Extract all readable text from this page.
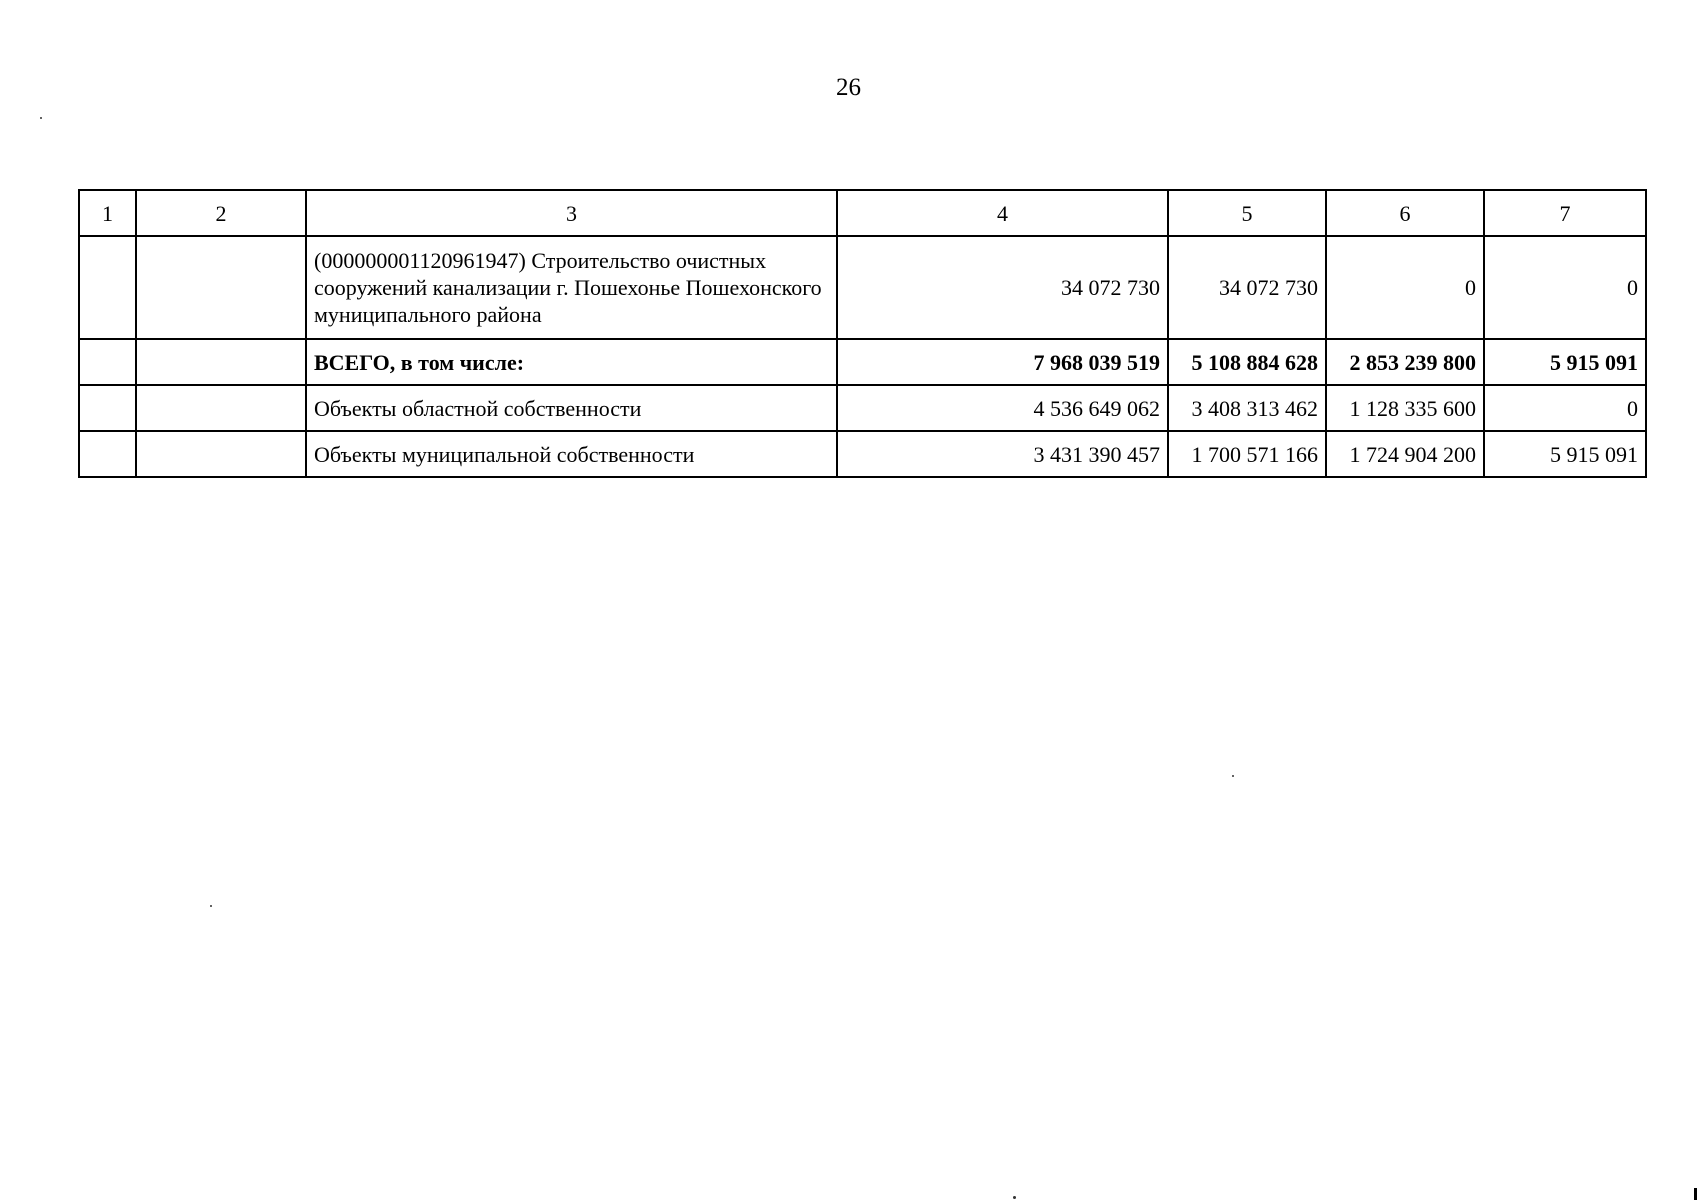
26
1	2	3	4	5	6	7
		(000000001120961947) Строительство очистных сооружений канализации г. Пошехонье Пошехонского муниципального района	34 072 730	34 072 730	0	0
		ВСЕГО, в том числе:	7 968 039 519	5 108 884 628	2 853 239 800	5 915 091
		Объекты областной собственности	4 536 649 062	3 408 313 462	1 128 335 600	0
		Объекты муниципальной собственности	3 431 390 457	1 700 571 166	1 724 904 200	5 915 091
